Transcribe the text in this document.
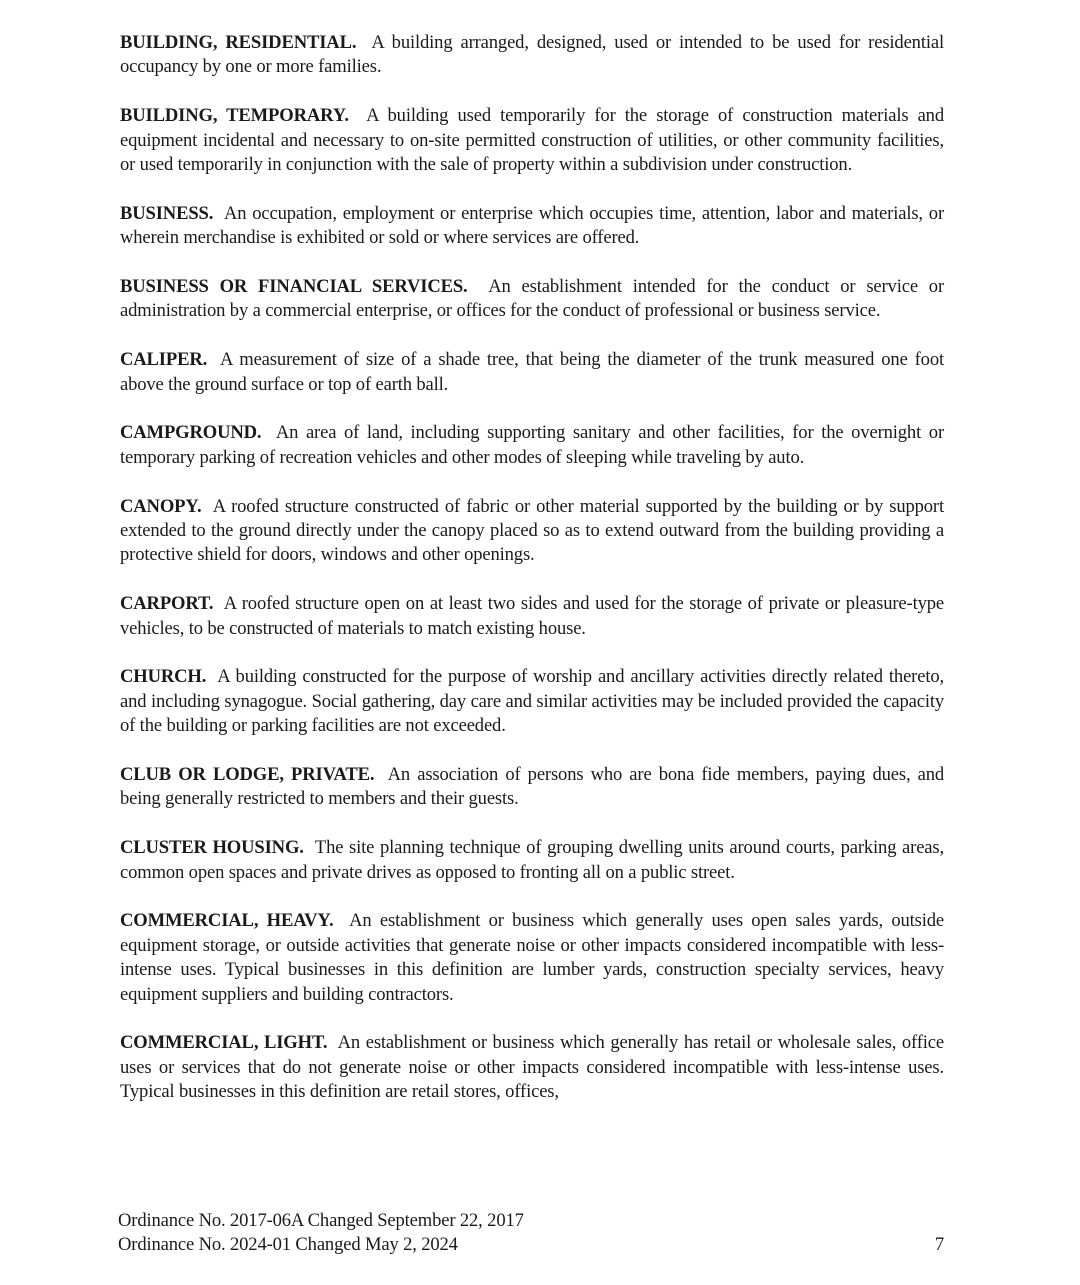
BUILDING, RESIDENTIAL. A building arranged, designed, used or intended to be used for residential occupancy by one or more families.

BUILDING, TEMPORARY. A building used temporarily for the storage of construction materials and equipment incidental and necessary to on-site permitted construction of utilities, or other community facilities, or used temporarily in conjunction with the sale of property within a subdivision under construction.

BUSINESS. An occupation, employment or enterprise which occupies time, attention, labor and materials, or wherein merchandise is exhibited or sold or where services are offered.

BUSINESS OR FINANCIAL SERVICES. An establishment intended for the conduct or service or administration by a commercial enterprise, or offices for the conduct of professional or business service.

CALIPER. A measurement of size of a shade tree, that being the diameter of the trunk measured one foot above the ground surface or top of earth ball.

CAMPGROUND. An area of land, including supporting sanitary and other facilities, for the overnight or temporary parking of recreation vehicles and other modes of sleeping while traveling by auto.

CANOPY. A roofed structure constructed of fabric or other material supported by the building or by support extended to the ground directly under the canopy placed so as to extend outward from the building providing a protective shield for doors, windows and other openings.

CARPORT. A roofed structure open on at least two sides and used for the storage of private or pleasure-type vehicles, to be constructed of materials to match existing house.

CHURCH. A building constructed for the purpose of worship and ancillary activities directly related thereto, and including synagogue. Social gathering, day care and similar activities may be included provided the capacity of the building or parking facilities are not exceeded.

CLUB OR LODGE, PRIVATE. An association of persons who are bona fide members, paying dues, and being generally restricted to members and their guests.

CLUSTER HOUSING. The site planning technique of grouping dwelling units around courts, parking areas, common open spaces and private drives as opposed to fronting all on a public street.

COMMERCIAL, HEAVY. An establishment or business which generally uses open sales yards, outside equipment storage, or outside activities that generate noise or other impacts considered incompatible with less-intense uses. Typical businesses in this definition are lumber yards, construction specialty services, heavy equipment suppliers and building contractors.

COMMERCIAL, LIGHT. An establishment or business which generally has retail or wholesale sales, office uses or services that do not generate noise or other impacts considered incompatible with less-intense uses. Typical businesses in this definition are retail stores, offices,

Ordinance No. 2017-06A Changed September 22, 2017
Ordinance No. 2024-01 Changed May 2, 2024	7
